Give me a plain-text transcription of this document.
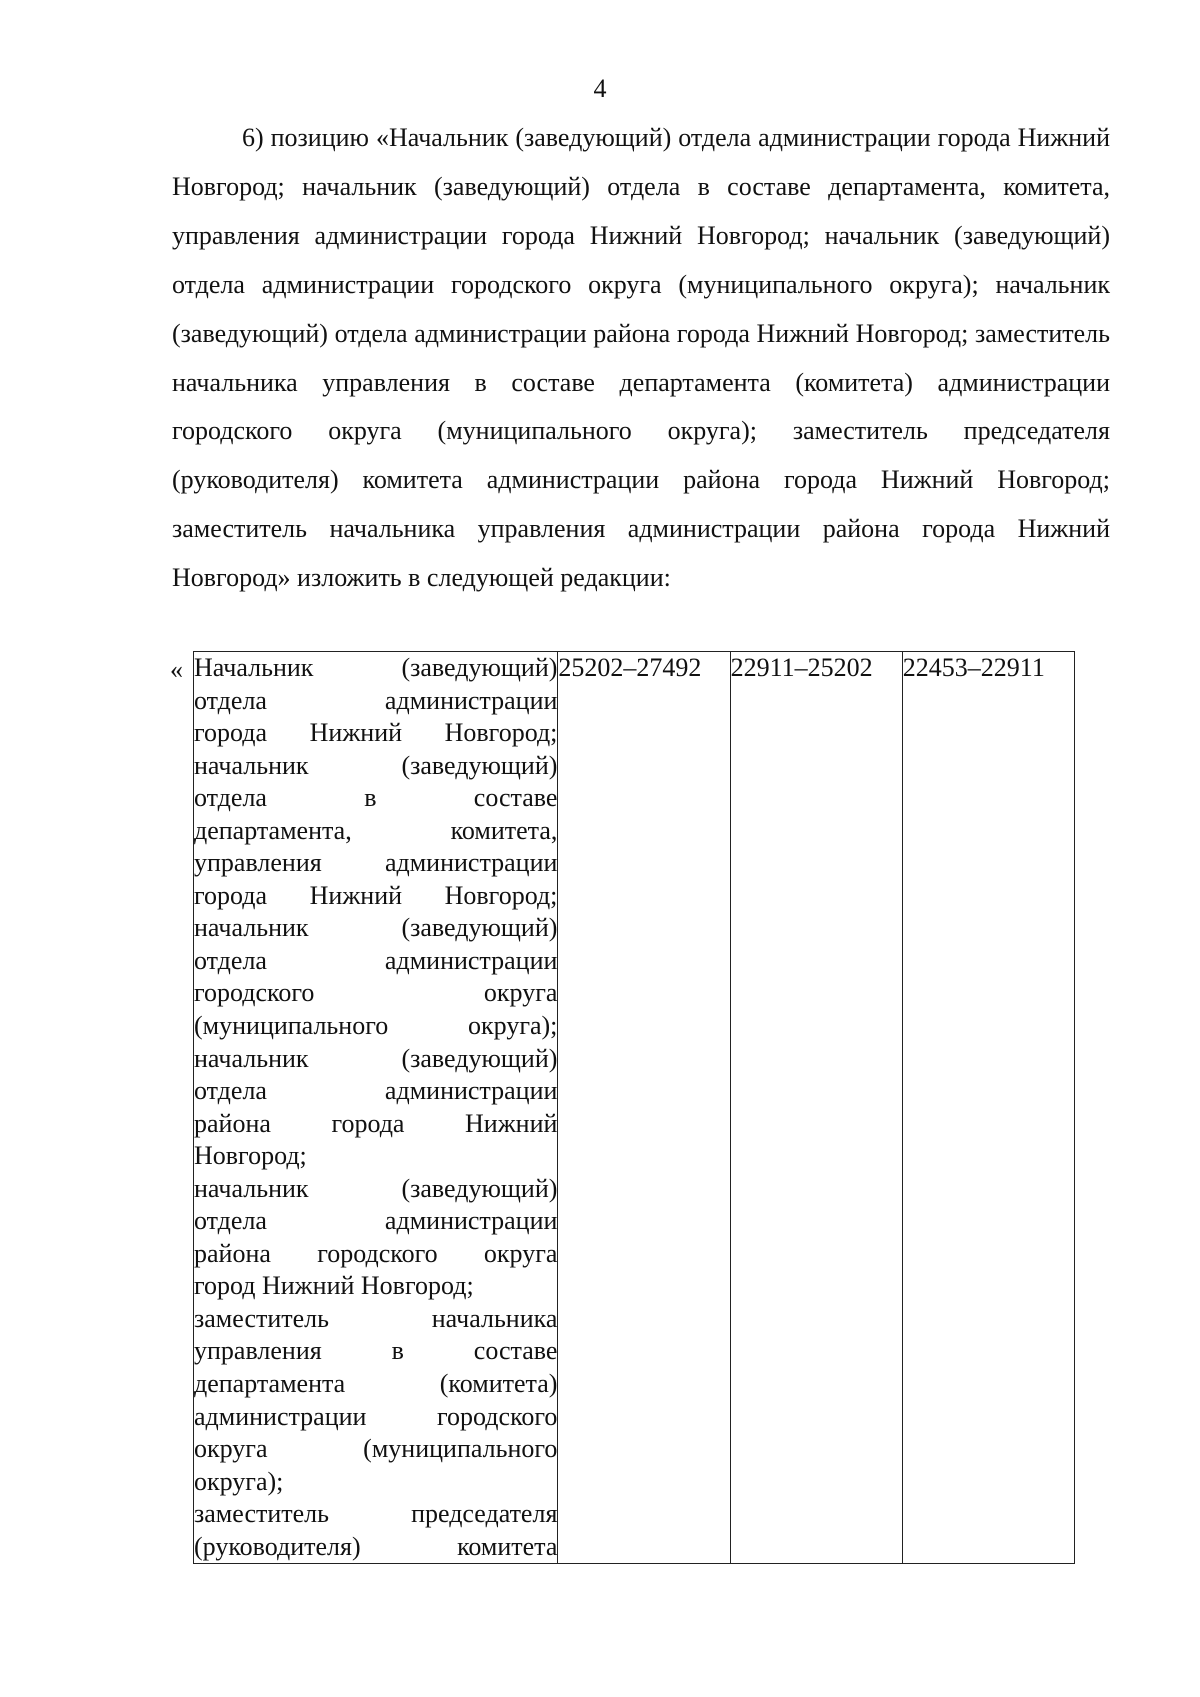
4

6) позицию «Начальник (заведующий) отдела администрации города Нижний Новгород; начальник (заведующий) отдела в составе департамента, комитета, управления администрации города Нижний Новгород; начальник (заведующий) отдела администрации городского округа (муниципального округа); начальник (заведующий) отдела администрации района города Нижний Новгород; заместитель начальника управления в составе департамента (комитета) администрации городского округа (муниципального округа); заместитель председателя (руководителя) комитета администрации района города Нижний Новгород; заместитель начальника управления администрации района города Нижний Новгород» изложить в следующей редакции:

« Начальник (заведующий)
отдела администрации
города Нижний Новгород;
начальник (заведующий)
отдела в составе
департамента, комитета,
управления администрации
города Нижний Новгород;
начальник (заведующий)
отдела администрации
городского округа
(муниципального округа);
начальник (заведующий)
отдела администрации
района города Нижний
Новгород;
начальник (заведующий)
отдела администрации
района городского округа
город Нижний Новгород;
заместитель начальника
управления в составе
департамента (комитета)
администрации городского
округа (муниципального
округа);
заместитель председателя
(руководителя) комитета
	25202–27492	22911–25202	22453–22911
